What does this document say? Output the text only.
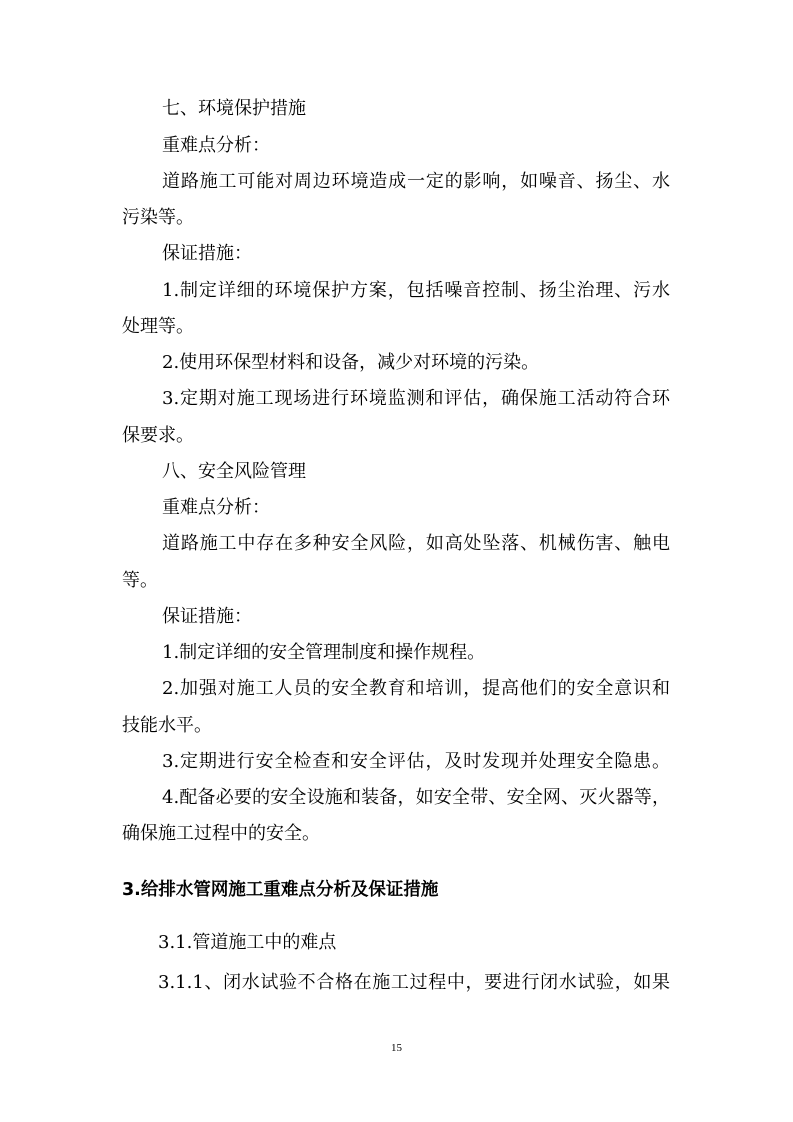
七、环境保护措施
重难点分析：
道路施工可能对周边环境造成一定的影响，如噪音、扬尘、水
污染等。
保证措施：
1.制定详细的环境保护方案，包括噪音控制、扬尘治理、污水
处理等。
2.使用环保型材料和设备，减少对环境的污染。
3.定期对施工现场进行环境监测和评估，确保施工活动符合环
保要求。
八、安全风险管理
重难点分析：
道路施工中存在多种安全风险，如高处坠落、机械伤害、触电
等。
保证措施：
1.制定详细的安全管理制度和操作规程。
2.加强对施工人员的安全教育和培训，提高他们的安全意识和
技能水平。
3.定期进行安全检查和安全评估，及时发现并处理安全隐患。
4.配备必要的安全设施和装备，如安全带、安全网、灭火器等，
确保施工过程中的安全。
3.给排水管网施工重难点分析及保证措施
3.1.管道施工中的难点
3.1.1、闭水试验不合格在施工过程中，要进行闭水试验，如果
15
